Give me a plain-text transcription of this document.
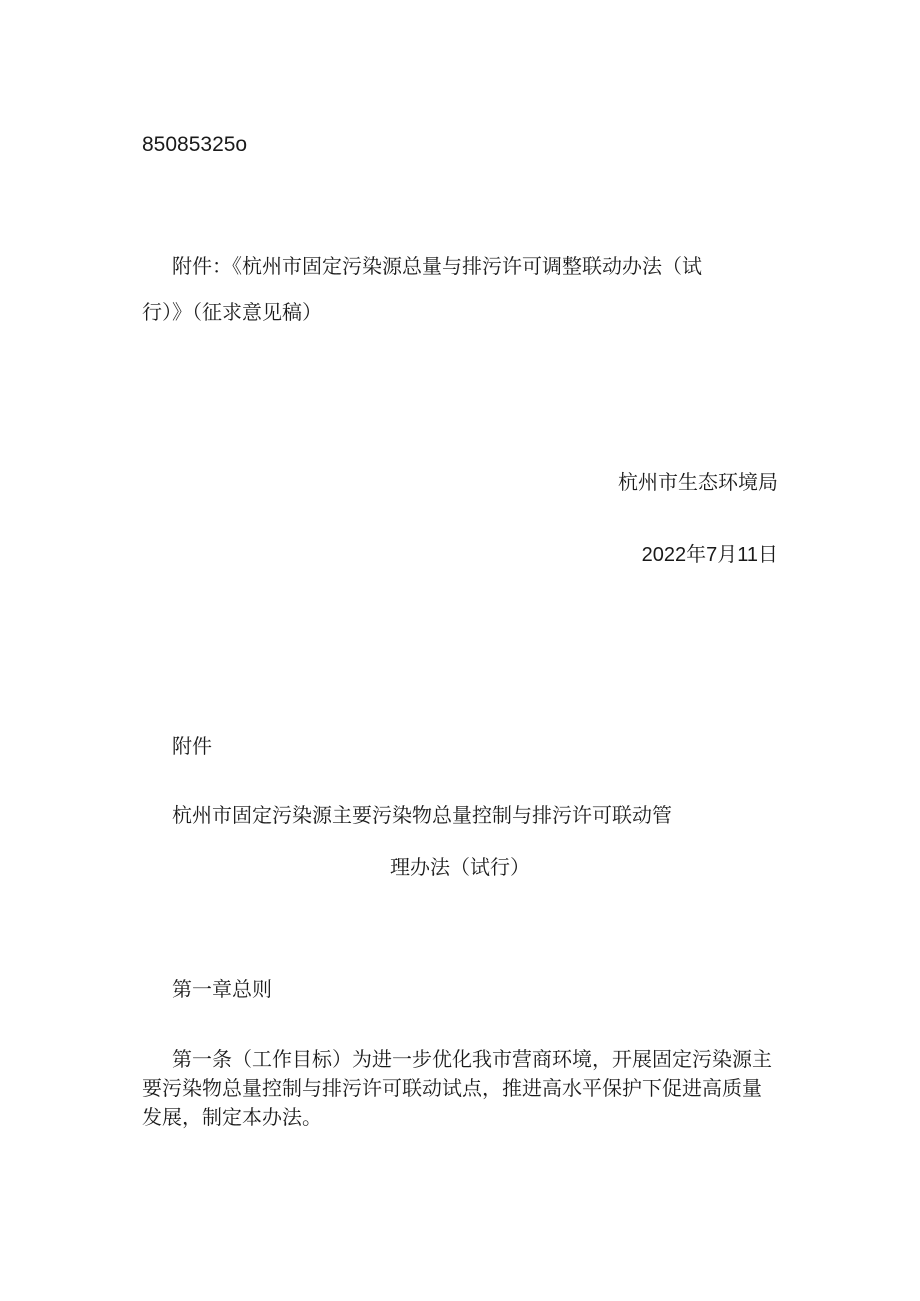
85085325o

附件：《杭州市固定污染源总量与排污许可调整联动办法（试

行）》（征求意见稿）

杭州市生态环境局

2022年7月11日

附件

杭州市固定污染源主要污染物总量控制与排污许可联动管

理办法（试行）

第一章总则

第一条（工作目标）为进一步优化我市营商环境，开展固定污染源主要污染物总量控制与排污许可联动试点，推进高水平保护下促进高质量发展，制定本办法。
